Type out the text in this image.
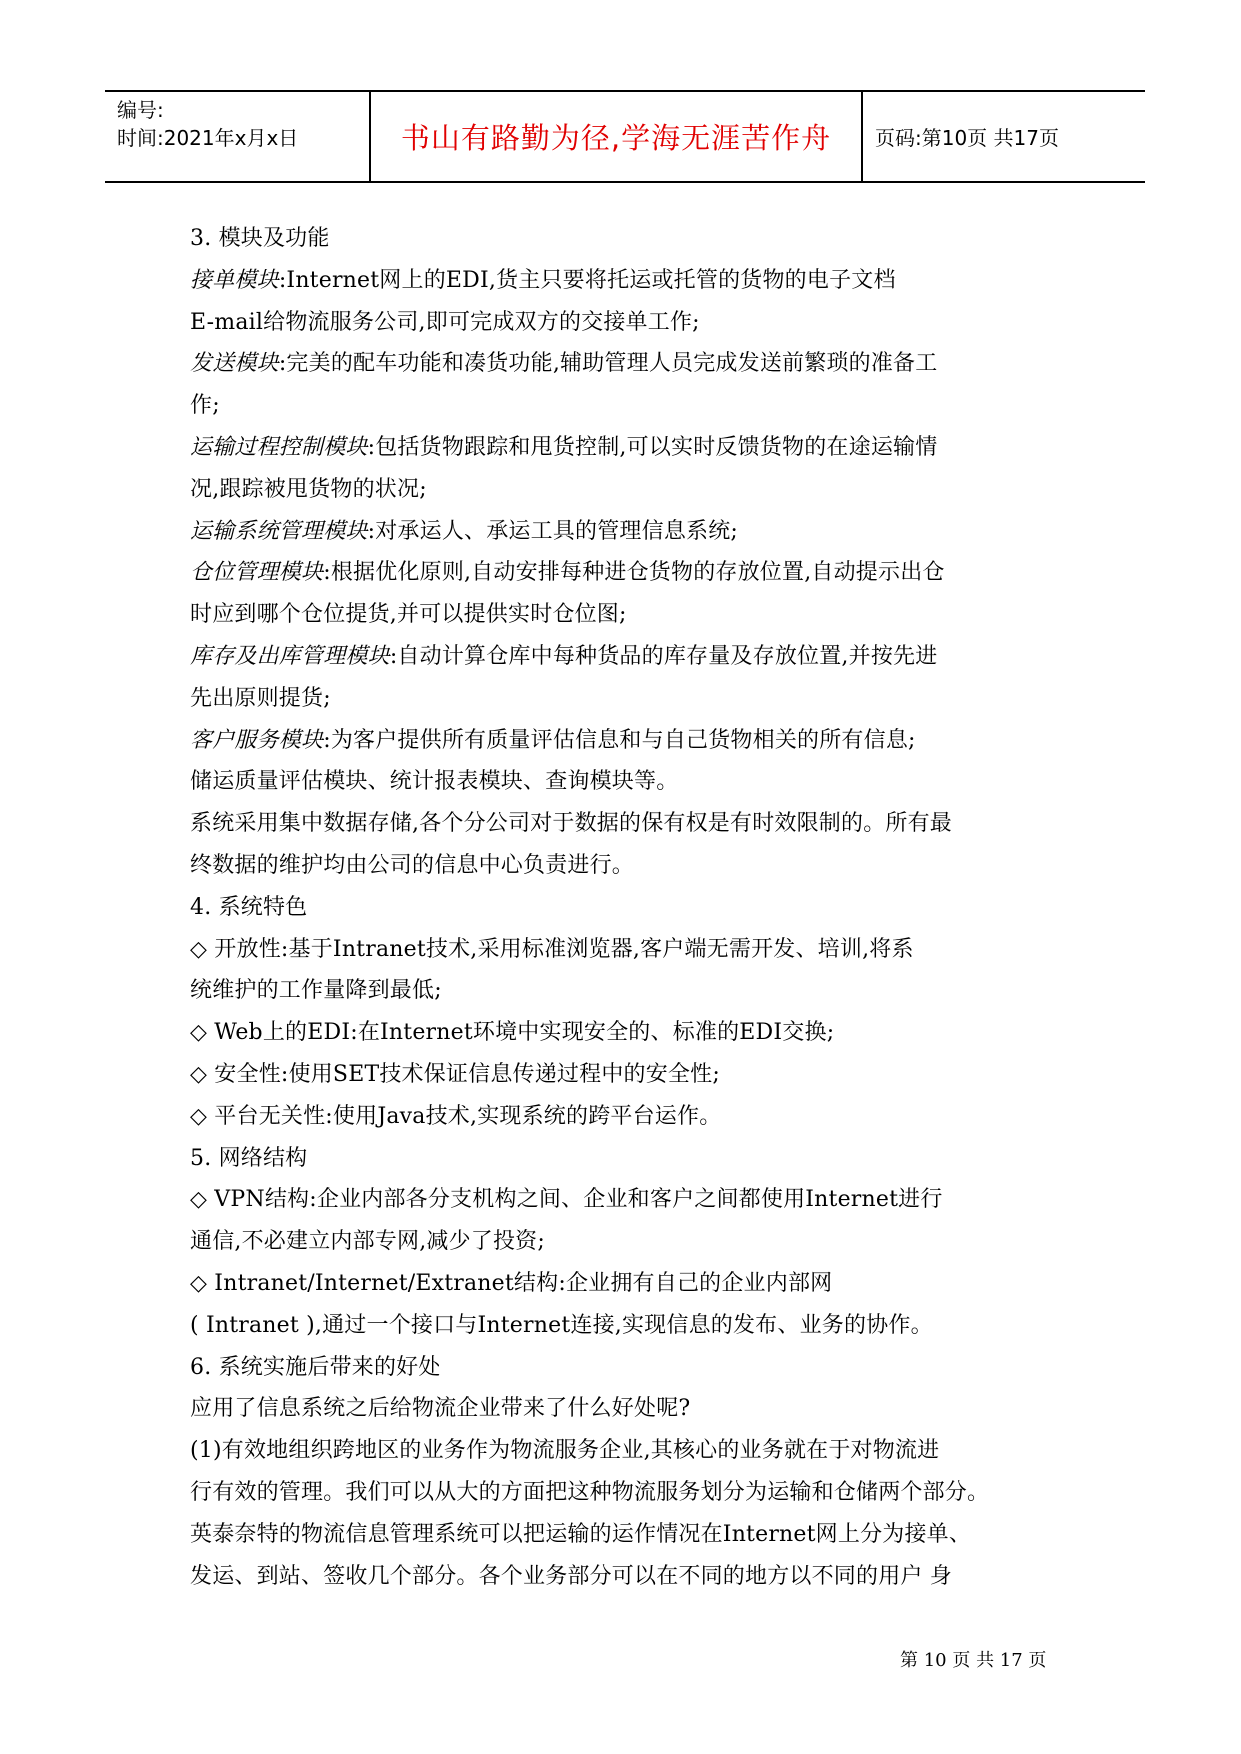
编号:
时间:2021年x月x日	书山有路勤为径,学海无涯苦作舟	页码:第10页 共17页

3. 模块及功能

接单模块:Internet网上的EDI,货主只要将托运或托管的货物的电子文档

E-mail给物流服务公司,即可完成双方的交接单工作;

发送模块:完美的配车功能和凑货功能,辅助管理人员完成发送前繁琐的准备工

作;

运输过程控制模块:包括货物跟踪和甩货控制,可以实时反馈货物的在途运输情

况,跟踪被甩货物的状况;

运输系统管理模块:对承运人、承运工具的管理信息系统;

仓位管理模块:根据优化原则,自动安排每种进仓货物的存放位置,自动提示出仓

时应到哪个仓位提货,并可以提供实时仓位图;

库存及出库管理模块:自动计算仓库中每种货品的库存量及存放位置,并按先进

先出原则提货;

客户服务模块:为客户提供所有质量评估信息和与自己货物相关的所有信息;

储运质量评估模块、统计报表模块、查询模块等。

系统采用集中数据存储,各个分公司对于数据的保有权是有时效限制的。所有最

终数据的维护均由公司的信息中心负责进行。

4. 系统特色

◇ 开放性:基于Intranet技术,采用标准浏览器,客户端无需开发、培训,将系

统维护的工作量降到最低;

◇ Web上的EDI:在Internet环境中实现安全的、标准的EDI交换;

◇ 安全性:使用SET技术保证信息传递过程中的安全性;

◇ 平台无关性:使用Java技术,实现系统的跨平台运作。

5. 网络结构

◇ VPN结构:企业内部各分支机构之间、企业和客户之间都使用Internet进行

通信,不必建立内部专网,减少了投资;

◇ Intranet/Internet/Extranet结构:企业拥有自己的企业内部网

( Intranet ),通过一个接口与Internet连接,实现信息的发布、业务的协作。

6. 系统实施后带来的好处

应用了信息系统之后给物流企业带来了什么好处呢?

(1)有效地组织跨地区的业务作为物流服务企业,其核心的业务就在于对物流进

行有效的管理。我们可以从大的方面把这种物流服务划分为运输和仓储两个部分。

英泰奈特的物流信息管理系统可以把运输的运作情况在Internet网上分为接单、

发运、到站、签收几个部分。各个业务部分可以在不同的地方以不同的用户 身

第 10 页 共 17 页
